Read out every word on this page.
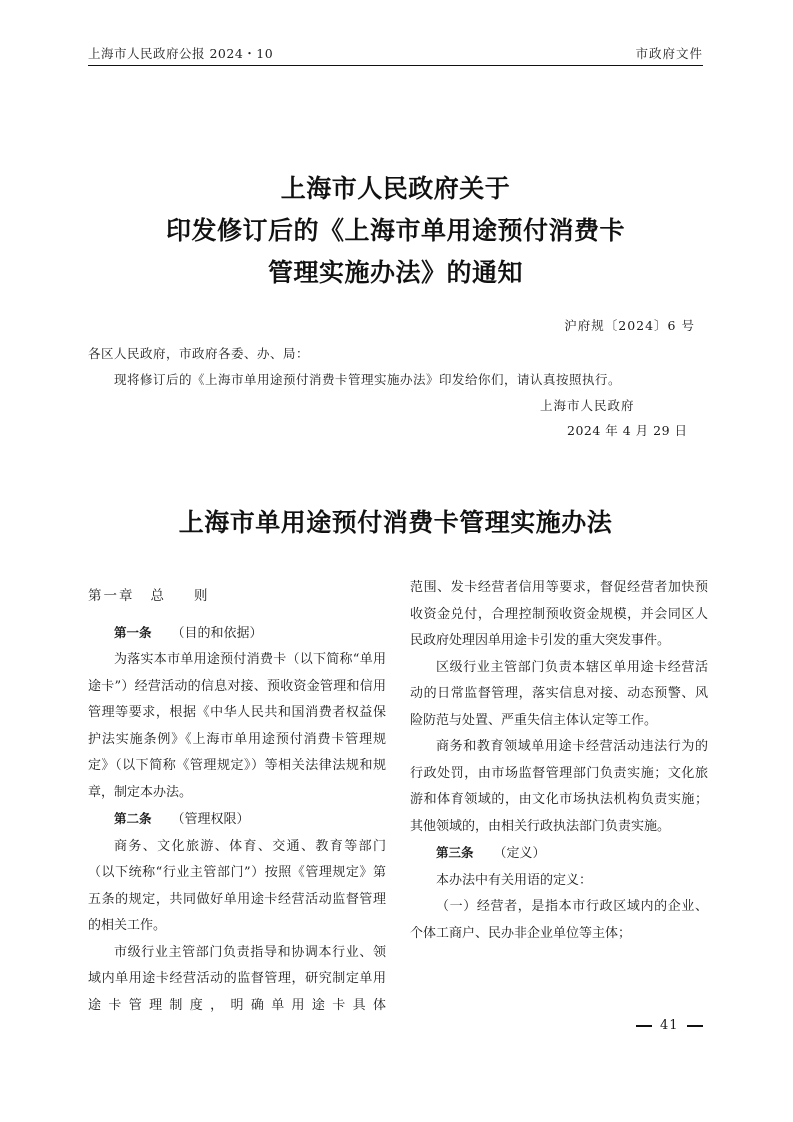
上海市人民政府公报 2024・10	市政府文件
上海市人民政府关于
印发修订后的《上海市单用途预付消费卡
管理实施办法》的通知
沪府规〔2024〕6 号
各区人民政府，市政府各委、办、局：
现将修订后的《上海市单用途预付消费卡管理实施办法》印发给你们，请认真按照执行。
上海市人民政府
2024 年 4 月 29 日
上海市单用途预付消费卡管理实施办法

第一章 总 则

第一条 （目的和依据）

为落实本市单用途预付消费卡（以下简称“单用途卡”）经营活动的信息对接、预收资金管理和信用管理等要求，根据《中华人民共和国消费者权益保护法实施条例》《上海市单用途预付消费卡管理规定》（以下简称《管理规定》）等相关法律法规和规章，制定本办法。

第二条 （管理权限）

商务、文化旅游、体育、交通、教育等部门（以下统称“行业主管部门”）按照《管理规定》第五条的规定，共同做好单用途卡经营活动监督管理的相关工作。

市级行业主管部门负责指导和协调本行业、领域内单用途卡经营活动的监督管理，研究制定单用途卡管理制度，明确单用途卡具体

范围、发卡经营者信用等要求，督促经营者加快预收资金兑付，合理控制预收资金规模，并会同区人民政府处理因单用途卡引发的重大突发事件。

区级行业主管部门负责本辖区单用途卡经营活动的日常监督管理，落实信息对接、动态预警、风险防范与处置、严重失信主体认定等工作。

商务和教育领域单用途卡经营活动违法行为的行政处罚，由市场监督管理部门负责实施；文化旅游和体育领域的，由文化市场执法机构负责实施；其他领域的，由相关行政执法部门负责实施。

第三条 （定义）

本办法中有关用语的定义：

（一）经营者，是指本市行政区域内的企业、个体工商户、民办非企业单位等主体；

41
